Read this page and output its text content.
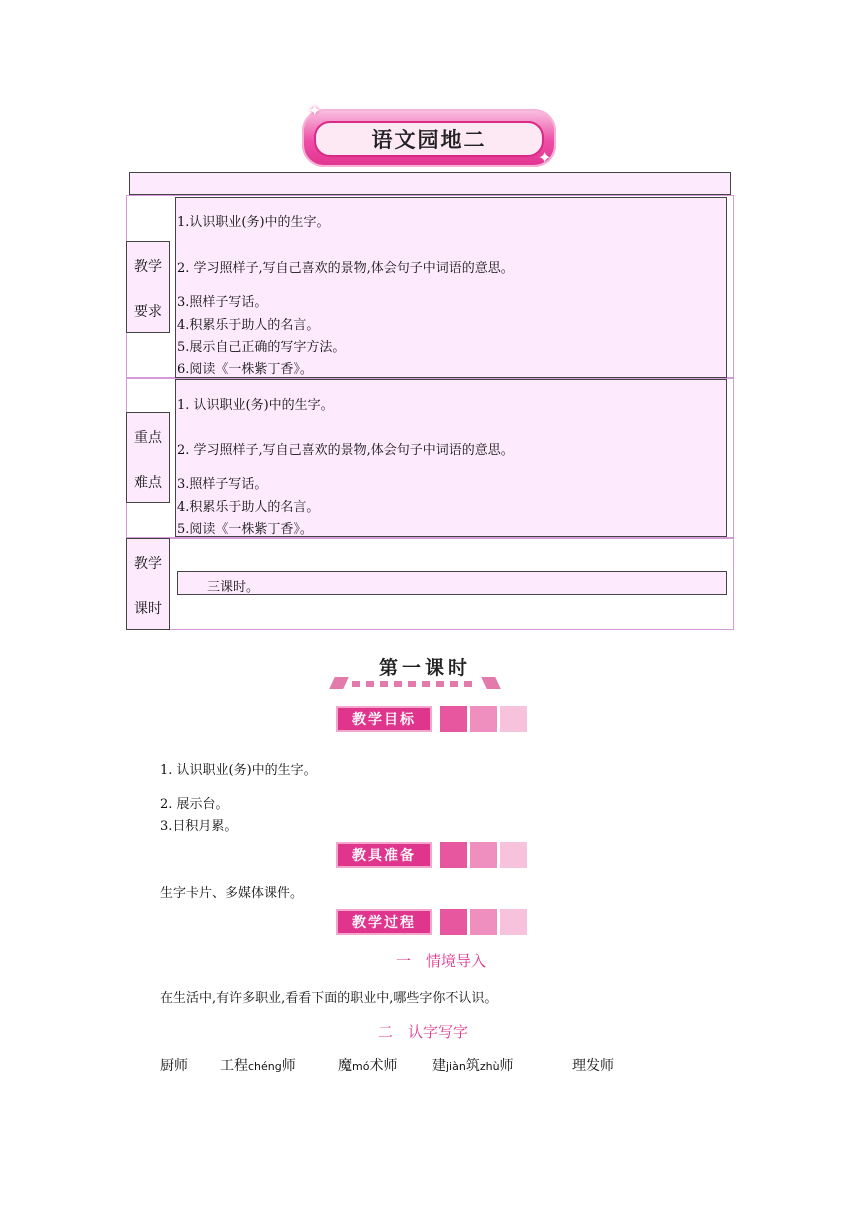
语文园地二
✦
✦
教学
要求
1.认识职业(务)中的生字。
2. 学习照样子,写自己喜欢的景物,体会句子中词语的意思。
3.照样子写话。
4.积累乐于助人的名言。
5.展示自己正确的写字方法。
6.阅读《一株紫丁香》。
重点
难点
1. 认识职业(务)中的生字。
2. 学习照样子,写自己喜欢的景物,体会句子中词语的意思。
3.照样子写话。
4.积累乐于助人的名言。
5.阅读《一株紫丁香》。
教学
课时
三课时。
第一课时
教学目标
1. 认识职业(务)中的生字。
2. 展示台。
3.日积月累。
教具准备
生字卡片、多媒体课件。
教学过程
一　情境导入
在生活中,有许多职业,看看下面的职业中,哪些字你不认识。
二　认字写字
厨师 工程chéng师	魔mó术师 建jiàn筑zhù师	理发师
